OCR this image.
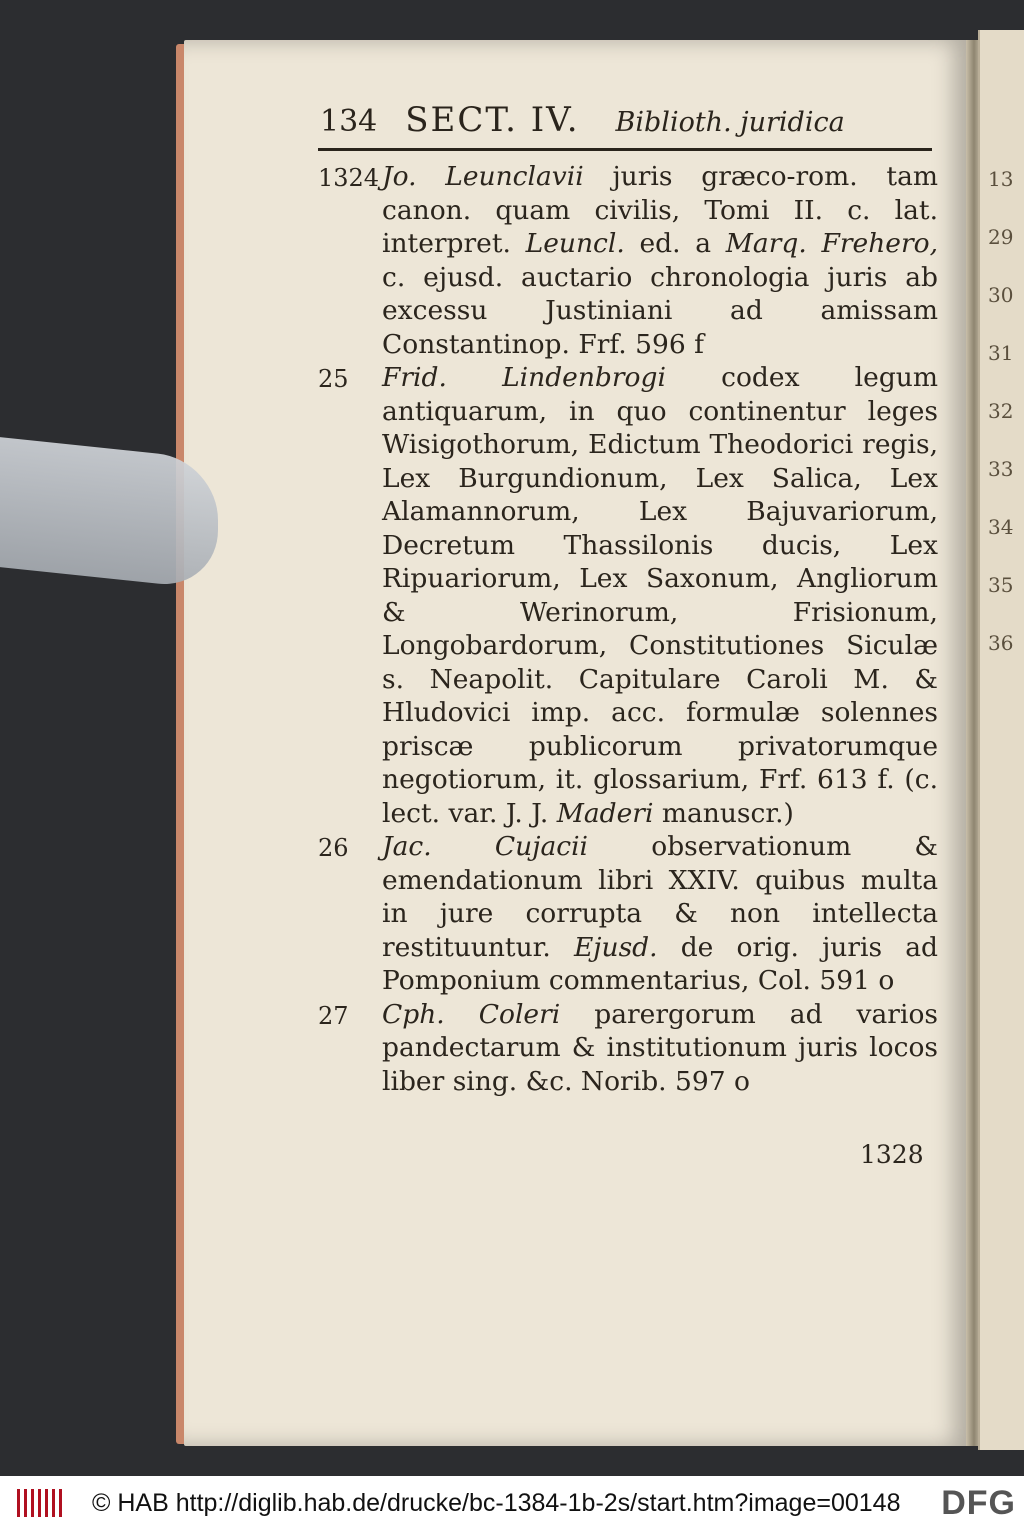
13
29
30
31
32
33
34
35
36
134 SECT. IV. Biblioth. juridica
1324 Jo. Leunclavii juris græco-rom. tam canon. quam civilis, Tomi II. c. lat. interpret. Leuncl. ed. a Marq. Frehero, c. ejusd. auctario chronologia juris ab excessu Justiniani ad amissam Constantinop. Frf. 596 f
25	Frid. Lindenbrogi codex legum antiquarum, in quo continentur leges Wisigothorum, Edictum Theodorici regis, Lex Burgundionum, Lex Salica, Lex Alamannorum, Lex Bajuvariorum, Decretum Thassilonis ducis, Lex Ripuariorum, Lex Saxonum, Angliorum & Werinorum, Frisionum, Longobardorum, Constitutiones Siculæ s. Neapolit. Capitulare Caroli M. & Hludovici imp. acc. formulæ solennes priscæ publicorum privatorumque negotiorum, it. glossarium, Frf. 613 f. (c. lect. var. J. J. Maderi manuscr.)
26	Jac. Cujacii observationum & emendationum libri XXIV. quibus multa in jure corrupta & non intellecta restituuntur. Ejusd. de orig. juris ad Pomponium commentarius, Col. 591 o
27	Cph. Coleri parergorum ad varios pandectarum & institutionum juris locos liber sing. &c. Norib. 597 o
1328
© HAB http://diglib.hab.de/drucke/bc-1384-1b-2s/start.htm?image=00148	DFG
